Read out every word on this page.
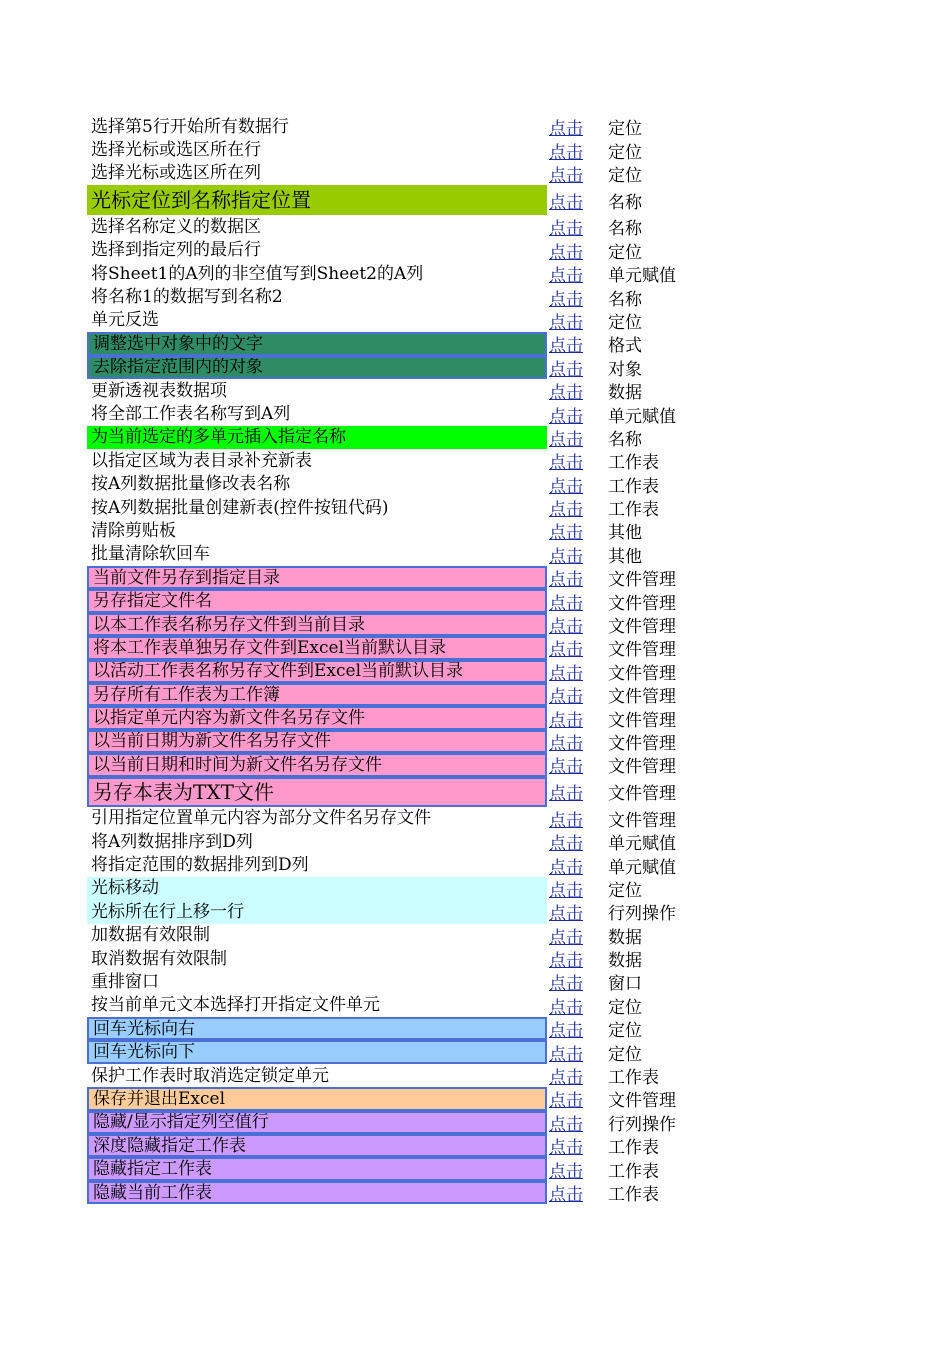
选择第5行开始所有数据行	点击 定位
选择光标或选区所在行	点击 定位
选择光标或选区所在列	点击 定位
光标定位到名称指定位置	点击 名称
选择名称定义的数据区	点击 名称
选择到指定列的最后行	点击 定位
将Sheet1的A列的非空值写到Sheet2的A列	点击 单元赋值
将名称1的数据写到名称2	点击 名称
单元反选	点击 定位
调整选中对象中的文字	点击 格式
去除指定范围内的对象	点击 对象
更新透视表数据项	点击 数据
将全部工作表名称写到A列	点击 单元赋值
为当前选定的多单元插入指定名称	点击 名称
以指定区域为表目录补充新表	点击 工作表
按A列数据批量修改表名称	点击 工作表
按A列数据批量创建新表(控件按钮代码)	点击 工作表
清除剪贴板	点击 其他
批量清除软回车	点击 其他
当前文件另存到指定目录	点击 文件管理
另存指定文件名	点击 文件管理
以本工作表名称另存文件到当前目录	点击 文件管理
将本工作表单独另存文件到Excel当前默认目录	点击 文件管理
以活动工作表名称另存文件到Excel当前默认目录	点击 文件管理
另存所有工作表为工作簿	点击 文件管理
以指定单元内容为新文件名另存文件	点击 文件管理
以当前日期为新文件名另存文件	点击 文件管理
以当前日期和时间为新文件名另存文件	点击 文件管理
另存本表为TXT文件	点击 文件管理
引用指定位置单元内容为部分文件名另存文件	点击 文件管理
将A列数据排序到D列	点击 单元赋值
将指定范围的数据排列到D列	点击 单元赋值
光标移动	点击 定位
光标所在行上移一行	点击 行列操作
加数据有效限制	点击 数据
取消数据有效限制	点击 数据
重排窗口	点击 窗口
按当前单元文本选择打开指定文件单元	点击 定位
回车光标向右	点击 定位
回车光标向下	点击 定位
保护工作表时取消选定锁定单元	点击 工作表
保存并退出Excel	点击 文件管理
隐藏/显示指定列空值行	点击 行列操作
深度隐藏指定工作表	点击 工作表
隐藏指定工作表	点击 工作表
隐藏当前工作表	点击 工作表
